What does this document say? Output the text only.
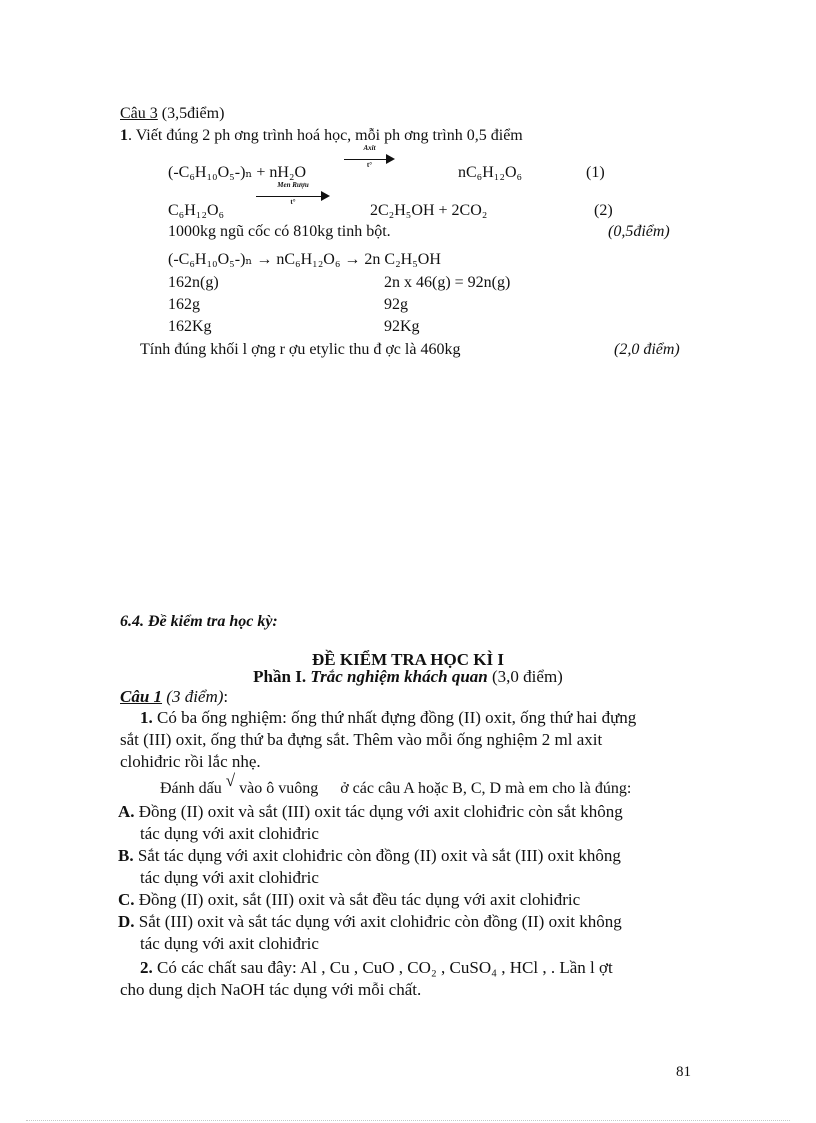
Câu 3 (3,5điểm)
1. Viết đúng 2 ph ơng trình hoá học, mỗi ph ơng trình 0,5 điểm
(-C₆H₁₀O₅-)ₙ + nH₂O
Axit
t°	nC₆H₁₂O₆	(1)
C₆H₁₂O₆
Men Rượu
t°	2C₂H₅OH + 2CO₂	(2)
1000kg ngũ cốc có 810kg tinh bột.	(0,5điểm)
(-C₆H₁₀O₅-)ₙ → nC₆H₁₂O₆ → 2n C₂H₅OH
162n(g)	2n x 46(g) = 92n(g)
162g	92g
162Kg	92Kg
Tính đúng khối l ợng r ợu etylic thu đ ợc là 460kg	(2,0 điểm)
6.4. Đề kiểm tra học kỳ:
ĐỀ KIỂM TRA HỌC KÌ I
Phần I. Trắc nghiệm khách quan (3,0 điểm)
Câu 1 (3 điểm):
1. Có ba ống nghiệm: ống thứ nhất đựng đồng (II) oxit, ống thứ hai đựng
sắt (III) oxit, ống thứ ba đựng sắt. Thêm vào mỗi ống nghiệm 2 ml axit
clohiđric rồi lắc nhẹ.
Đánh dấu √ vào ô vuông ở các câu A hoặc B, C, D mà em cho là đúng:
A. Đồng (II) oxit và sắt (III) oxit tác dụng với axit clohiđric còn sắt không
tác dụng với axit clohiđric
B. Sắt tác dụng với axit clohiđric còn đồng (II) oxit và sắt (III) oxit không
tác dụng với axit clohiđric
C. Đồng (II) oxit, sắt (III) oxit và sắt đều tác dụng với axit clohiđric
D. Sắt (III) oxit và sắt tác dụng với axit clohiđric còn đồng (II) oxit không
tác dụng với axit clohiđric
2. Có các chất sau đây: Al , Cu , CuO , CO₂ , CuSO₄ , HCl , . Lần l ợt
cho dung dịch NaOH tác dụng với mỗi chất.
81
